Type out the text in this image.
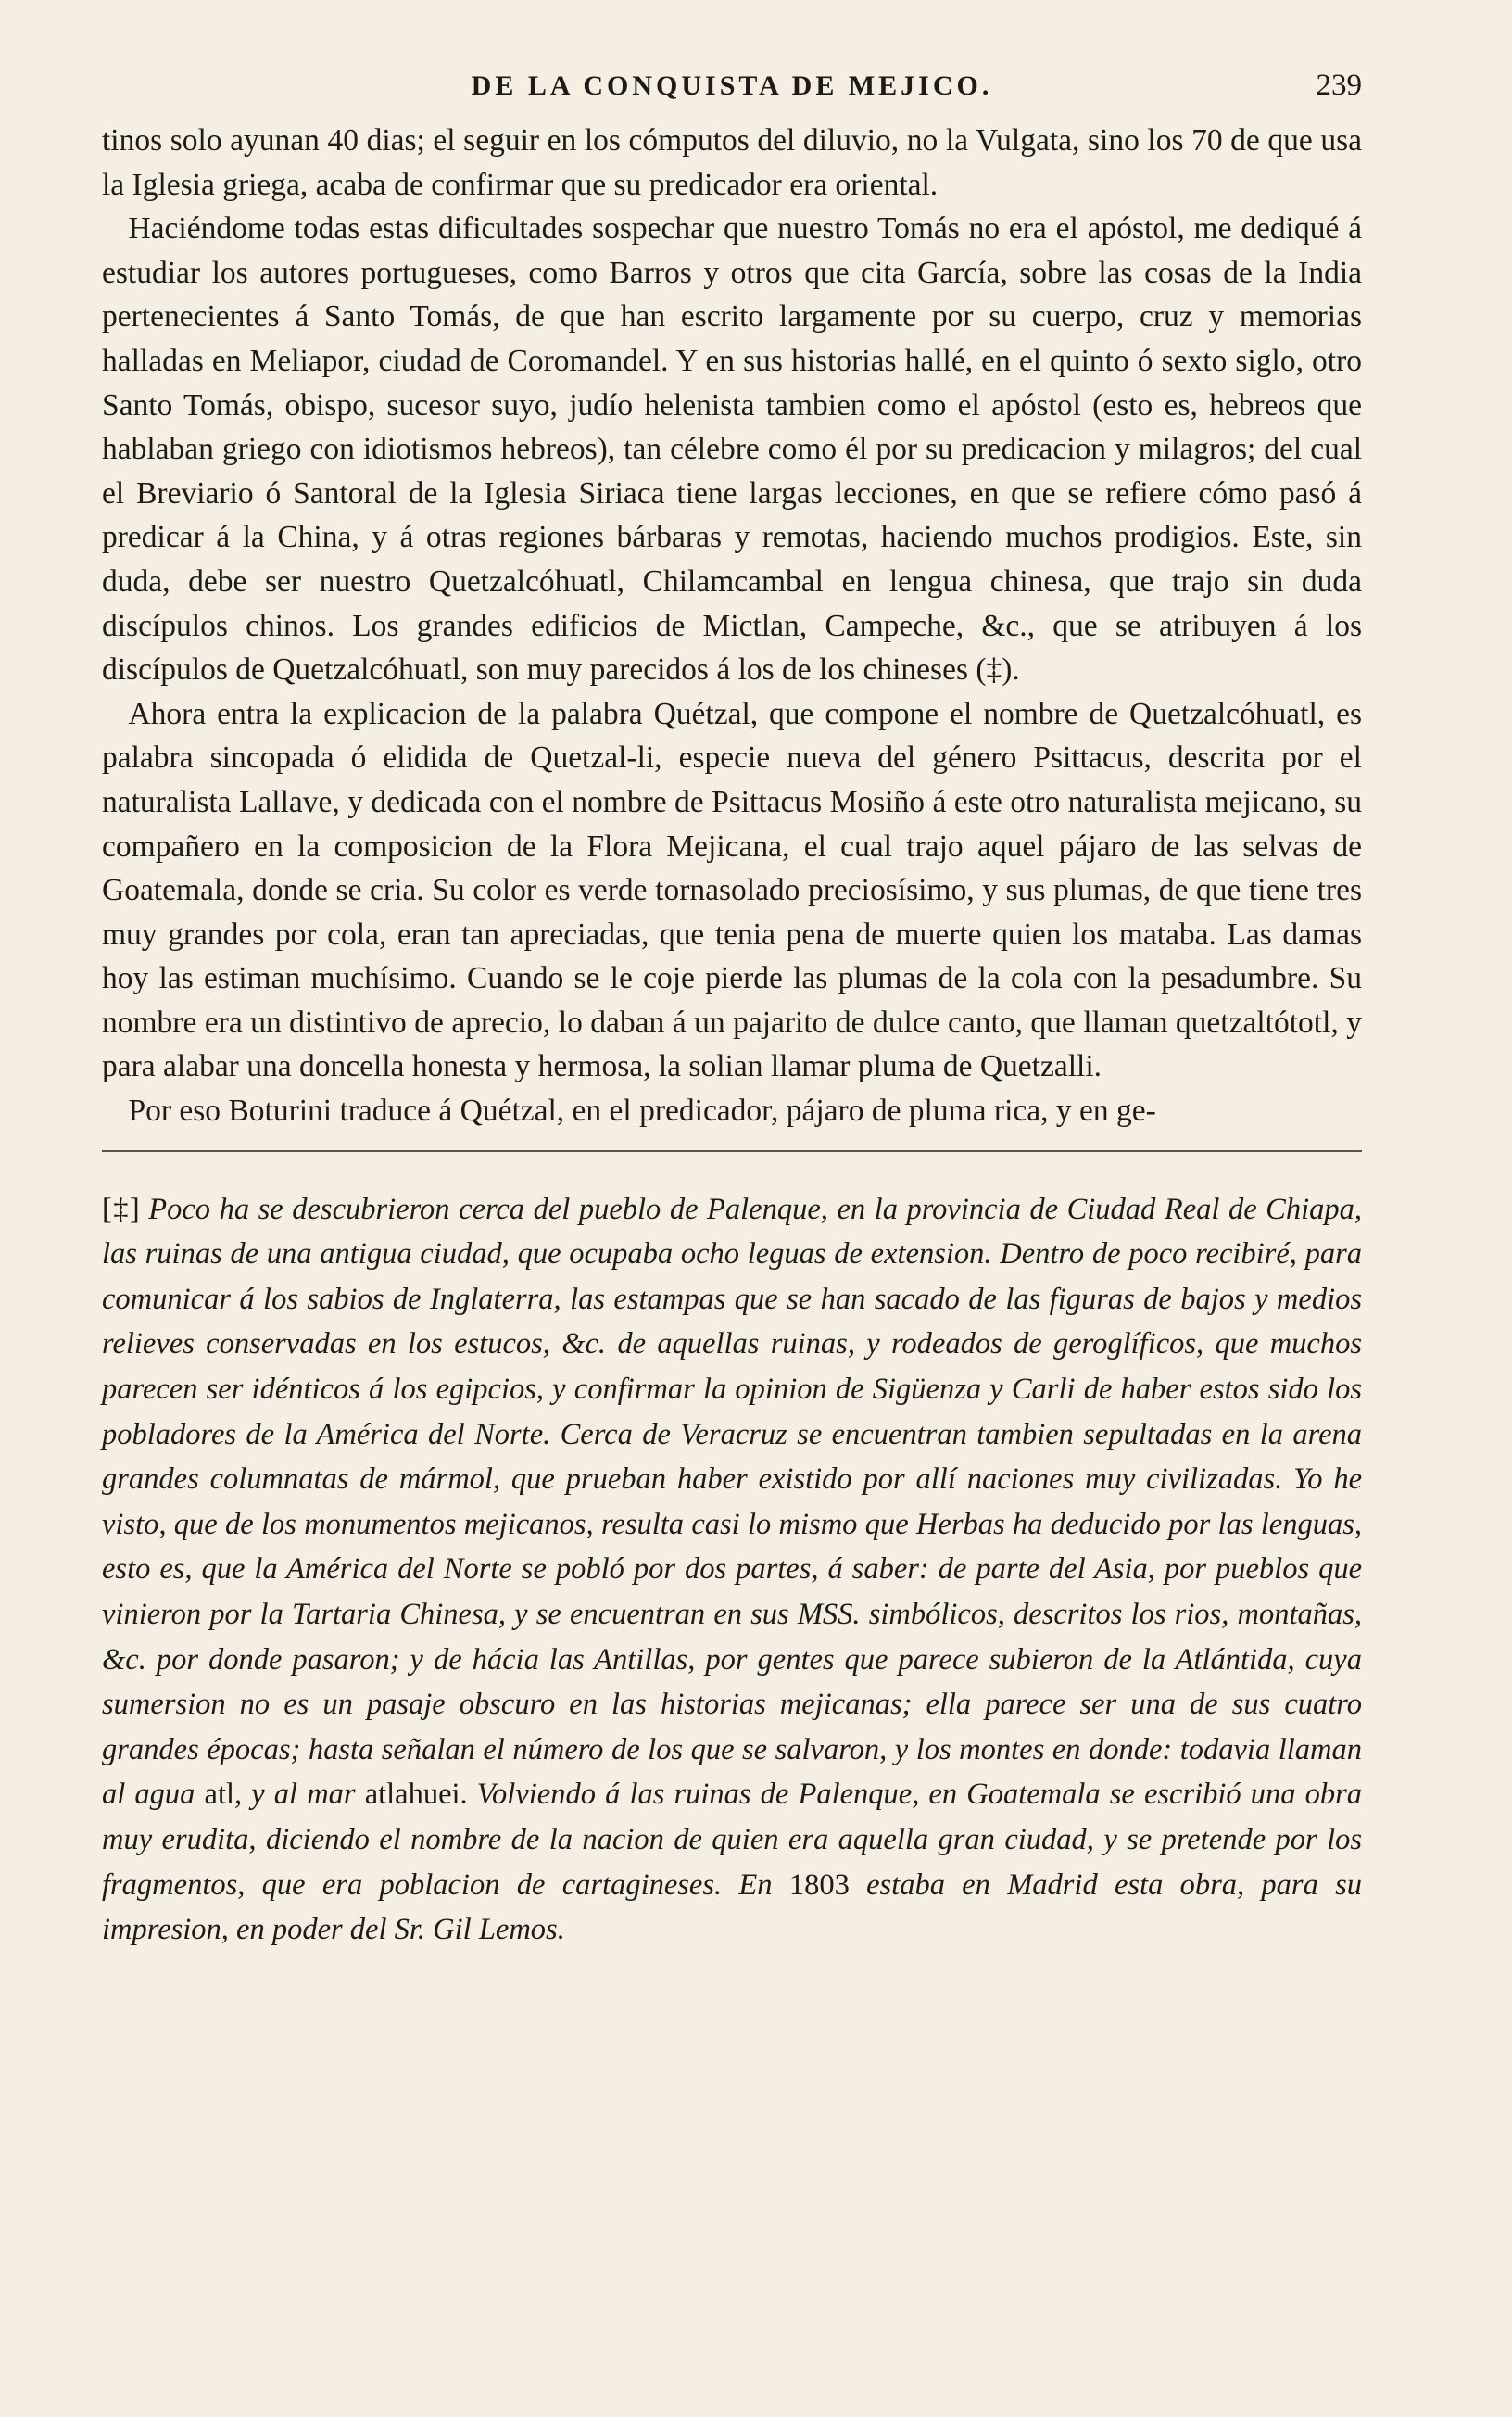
DE LA CONQUISTA DE MEJICO.	239

tinos solo ayunan 40 dias; el seguir en los cómputos del diluvio, no la Vulgata, sino los 70 de que usa la Iglesia griega, acaba de confirmar que su predicador era oriental.

Haciéndome todas estas dificultades sospechar que nuestro Tomás no era el apóstol, me dediqué á estudiar los autores portugueses, como Barros y otros que cita García, sobre las cosas de la India pertenecientes á Santo Tomás, de que han escrito largamente por su cuerpo, cruz y memorias halladas en Meliapor, ciudad de Coromandel. Y en sus historias hallé, en el quinto ó sexto siglo, otro Santo Tomás, obispo, sucesor suyo, judío helenista tambien como el apóstol (esto es, hebreos que hablaban griego con idiotismos hebreos), tan célebre como él por su predicacion y milagros; del cual el Breviario ó Santoral de la Iglesia Siriaca tiene largas lecciones, en que se refiere cómo pasó á predicar á la China, y á otras regiones bárbaras y remotas, haciendo muchos prodigios. Este, sin duda, debe ser nuestro Quetzalcóhuatl, Chilamcambal en lengua chinesa, que trajo sin duda discípulos chinos. Los grandes edificios de Mictlan, Campeche, &c., que se atribuyen á los discípulos de Quetzalcóhuatl, son muy parecidos á los de los chineses (‡).

Ahora entra la explicacion de la palabra Quétzal, que compone el nombre de Quetzalcóhuatl, es palabra sincopada ó elidida de Quetzal-li, especie nueva del género Psittacus, descrita por el naturalista Lallave, y dedicada con el nombre de Psittacus Mosiño á este otro naturalista mejicano, su compañero en la composicion de la Flora Mejicana, el cual trajo aquel pájaro de las selvas de Goatemala, donde se cria. Su color es verde tornasolado preciosísimo, y sus plumas, de que tiene tres muy grandes por cola, eran tan apreciadas, que tenia pena de muerte quien los mataba. Las damas hoy las estiman muchísimo. Cuando se le coje pierde las plumas de la cola con la pesadumbre. Su nombre era un distintivo de aprecio, lo daban á un pajarito de dulce canto, que llaman quetzaltótotl, y para alabar una doncella honesta y hermosa, la solian llamar pluma de Quetzalli.

Por eso Boturini traduce á Quétzal, en el predicador, pájaro de pluma rica, y en ge-

[‡] Poco ha se descubrieron cerca del pueblo de Palenque, en la provincia de Ciudad Real de Chiapa, las ruinas de una antigua ciudad, que ocupaba ocho leguas de extension. Dentro de poco recibiré, para comunicar á los sabios de Inglaterra, las estampas que se han sacado de las figuras de bajos y medios relieves conservadas en los estucos, &c. de aquellas ruinas, y rodeados de geroglíficos, que muchos parecen ser idénticos á los egipcios, y confirmar la opinion de Sigüenza y Carli de haber estos sido los pobladores de la América del Norte. Cerca de Veracruz se encuentran tambien sepultadas en la arena grandes columnatas de mármol, que prueban haber existido por allí naciones muy civilizadas. Yo he visto, que de los monumentos mejicanos, resulta casi lo mismo que Herbas ha deducido por las lenguas, esto es, que la América del Norte se pobló por dos partes, á saber: de parte del Asia, por pueblos que vinieron por la Tartaria Chinesa, y se encuentran en sus MSS. simbólicos, descritos los rios, montañas, &c. por donde pasaron; y de hácia las Antillas, por gentes que parece subieron de la Atlántida, cuya sumersion no es un pasaje obscuro en las historias mejicanas; ella parece ser una de sus cuatro grandes épocas; hasta señalan el número de los que se salvaron, y los montes en donde: todavia llaman al agua atl, y al mar atlahuei. Volviendo á las ruinas de Palenque, en Goatemala se escribió una obra muy erudita, diciendo el nombre de la nacion de quien era aquella gran ciudad, y se pretende por los fragmentos, que era poblacion de cartagineses. En 1803 estaba en Madrid esta obra, para su impresion, en poder del Sr. Gil Lemos.
